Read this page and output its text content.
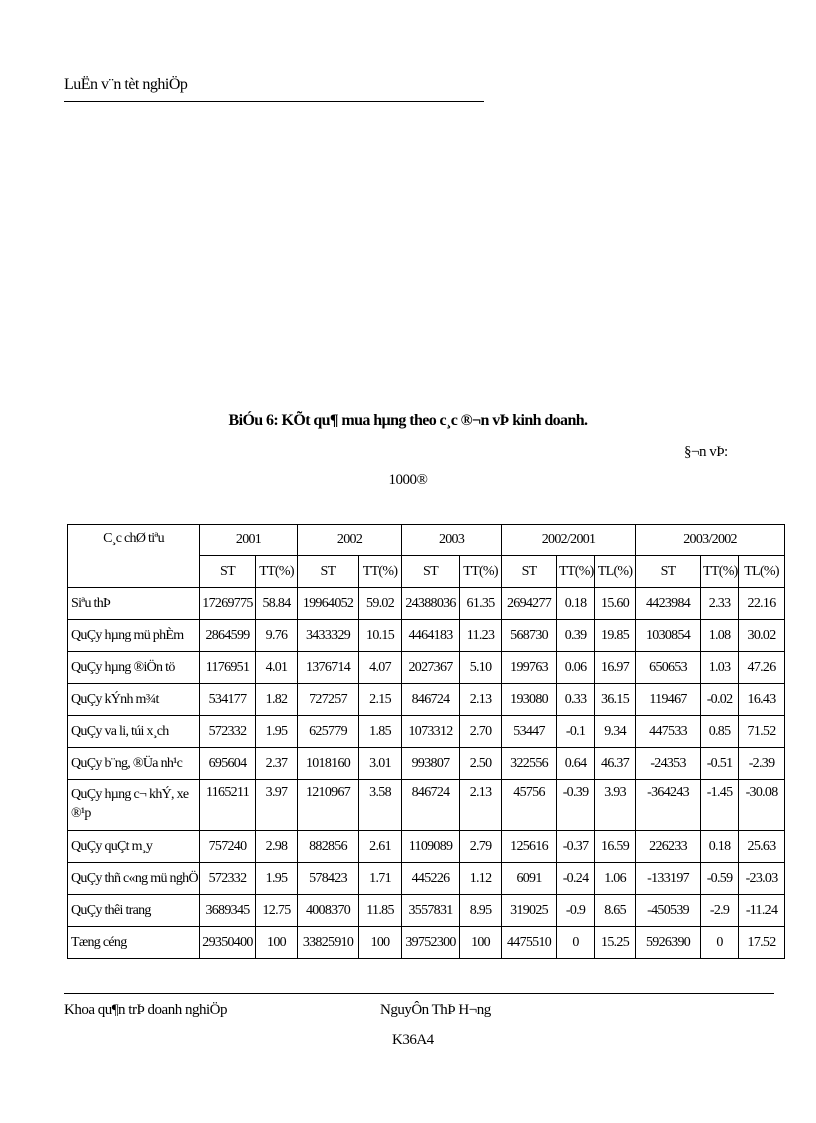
LuËn v¨n tèt nghiÖp
BiÓu 6: KÕt qu¶ mua hµng theo c¸c ®¬n vÞ kinh doanh.
§¬n vÞ:
1000®
C¸c chØ tiªu	2001		2002		2003		2002/2001			2003/2002		
	ST	TT(%)	ST	TT(%)	ST	TT(%)	ST	TT(%)	TL(%)	ST	TT(%)	TL(%)
Siªu thÞ	17269775	58.84	19964052	59.02	24388036	61.35	2694277	0.18	15.60	4423984	2.33	22.16
QuÇy hµng mü phÈm	2864599	9.76	3433329	10.15	4464183	11.23	568730	0.39	19.85	1030854	1.08	30.02
QuÇy hµng ®iÖn tö	1176951	4.01	1376714	4.07	2027367	5.10	199763	0.06	16.97	650653	1.03	47.26
QuÇy kÝnh m¾t	534177	1.82	727257	2.15	846724	2.13	193080	0.33	36.15	119467	-0.02	16.43
QuÇy va li, túi x¸ch	572332	1.95	625779	1.85	1073312	2.70	53447	-0.1	9.34	447533	0.85	71.52
QuÇy b¨ng, ®Üa nh¹c	695604	2.37	1018160	3.01	993807	2.50	322556	0.64	46.37	-24353	-0.51	-2.39
QuÇy hµng c¬ khÝ, xe ®¹p	1165211	3.97	1210967	3.58	846724	2.13	45756	-0.39	3.93	-364243	-1.45	-30.08
QuÇy quÇt m¸y	757240	2.98	882856	2.61	1109089	2.79	125616	-0.37	16.59	226233	0.18	25.63
QuÇy thñ c«ng mü nghÖ	572332	1.95	578423	1.71	445226	1.12	6091	-0.24	1.06	-133197	-0.59	-23.03
QuÇy thêi trang	3689345	12.75	4008370	11.85	3557831	8.95	319025	-0.9	8.65	-450539	-2.9	-11.24
Tæng céng	29350400	100	33825910	100	39752300	100	4475510	0	15.25	5926390	0	17.52
Khoa qu¶n trÞ doanh nghiÖp	NguyÔn ThÞ H¬ng
K36A4
